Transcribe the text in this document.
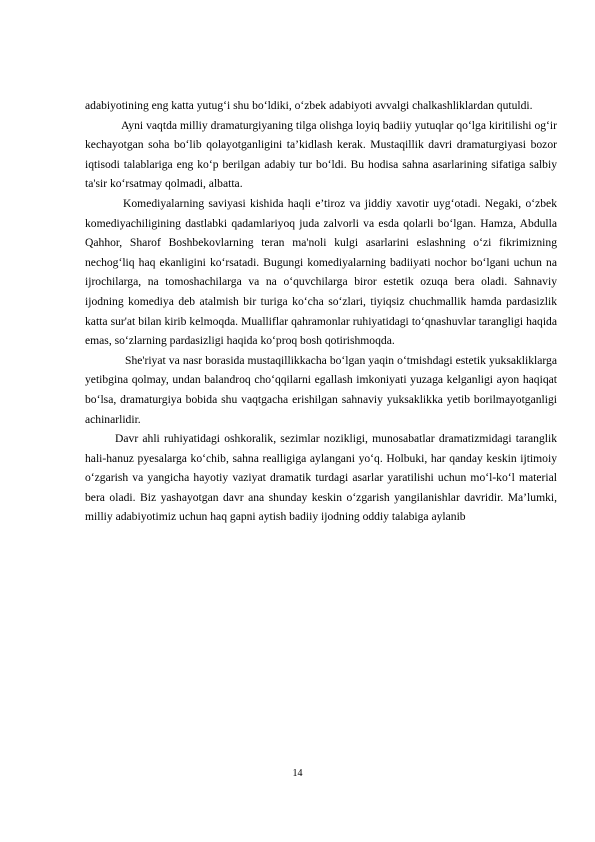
adabiyotining eng katta yutug‘i shu bo‘ldiki, o‘zbek adabiyoti avvalgi chalkashliklardan qutuldi.

Ayni vaqtda milliy dramaturgiyaning tilga olishga loyiq badiiy yutuqlar qo‘lga kiritilishi og‘ir kechayotgan soha bo‘lib qolayotganligini ta’kidlash kerak. Mustaqillik davri dramaturgiyasi bozor iqtisodi talablariga eng ko‘p berilgan adabiy tur bo‘ldi. Bu hodisa sahna asarlarining sifatiga salbiy ta'sir ko‘rsatmay qolmadi, albatta.

Komediyalarning saviyasi kishida haqli e’tiroz va jiddiy xavotir uyg‘otadi. Negaki, o‘zbek komediyachiligining dastlabki qadamlariyoq juda zalvorli va esda qolarli bo‘lgan. Hamza, Abdulla Qahhor, Sharof Boshbekovlarning teran ma'noli kulgi asarlarini eslashning o‘zi fikrimizning nechog‘liq haq ekanligini ko‘rsatadi. Bugungi komediyalarning badiiyati nochor bo‘lgani uchun na ijrochilarga, na tomoshachilarga va na o‘quvchilarga biror estetik ozuqa bera oladi. Sahnaviy ijodning komediya deb atalmish bir turiga ko‘cha so‘zlari, tiyiqsiz chuchmallik hamda pardasizlik katta sur'at bilan kirib kelmoqda. Mualliflar qahramonlar ruhiyatidagi to‘qnashuvlar tarangligi haqida emas, so‘zlarning pardasizligi haqida ko‘proq bosh qotirishmoqda.

She'riyat va nasr borasida mustaqillikkacha bo‘lgan yaqin o‘tmishdagi estetik yuksakliklarga yetibgina qolmay, undan balandroq cho‘qqilarni egallash imkoniyati yuzaga kelganligi ayon haqiqat bo‘lsa, dramaturgiya bobida shu vaqtgacha erishilgan sahnaviy yuksaklikka yetib borilmayotganligi achinarlidir.

Davr ahli ruhiyatidagi oshkoralik, sezimlar nozikligi, munosabatlar dramatizmidagi taranglik hali-hanuz pyesalarga ko‘chib, sahna realligiga aylangani yo‘q. Holbuki, har qanday keskin ijtimoiy o‘zgarish va yangicha hayotiy vaziyat dramatik turdagi asarlar yaratilishi uchun mo‘l-ko‘l material bera oladi. Biz yashayotgan davr ana shunday keskin o‘zgarish yangilanishlar davridir. Ma’lumki, milliy adabiyotimiz uchun haq gapni aytish badiiy ijodning oddiy talabiga aylanib

14
